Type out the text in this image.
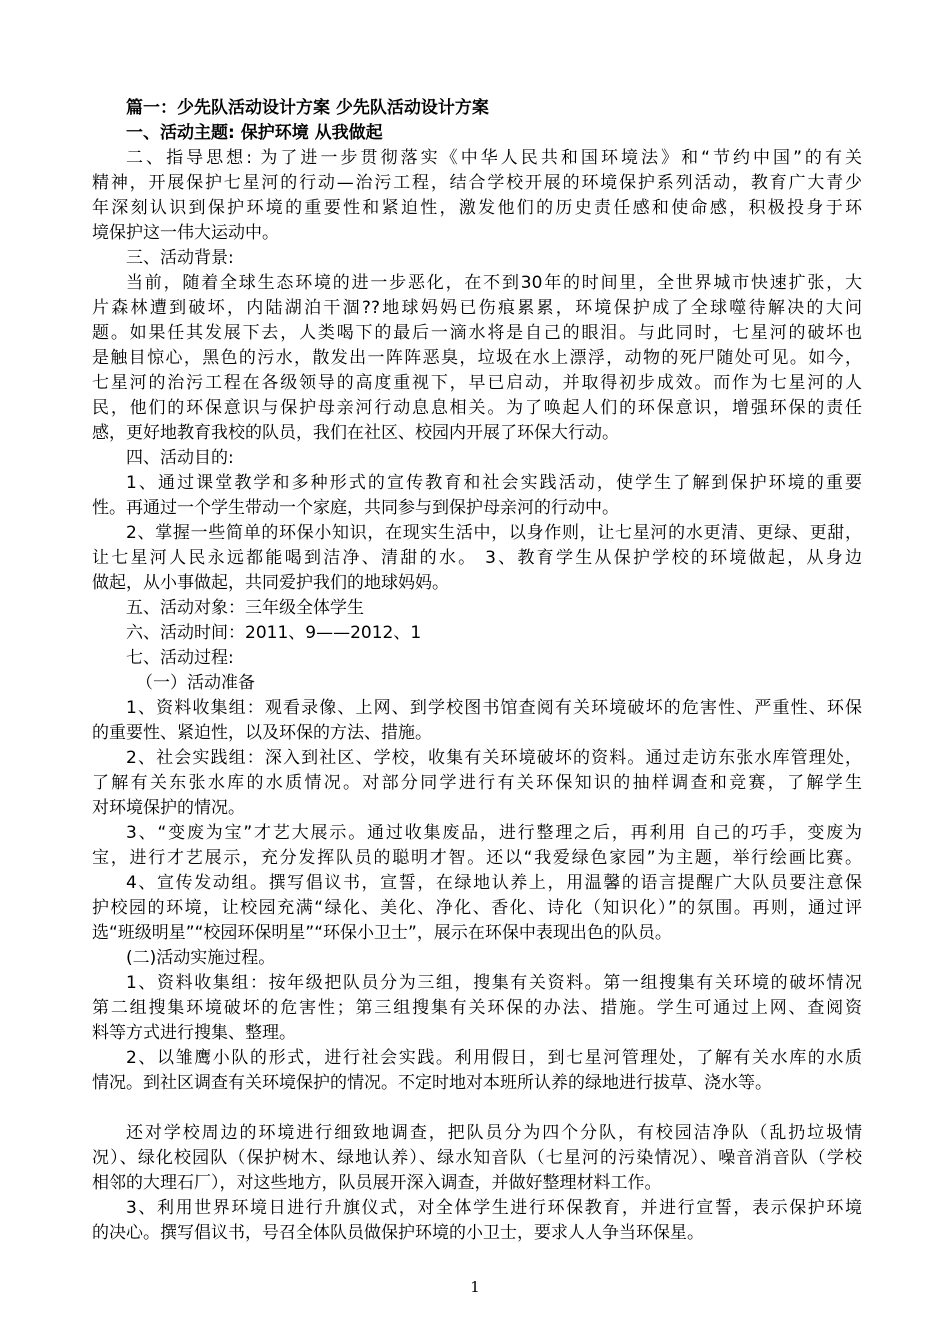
篇一：少先队活动设计方案 少先队活动设计方案

一、活动主题: 保护环境 从我做起

二、指导思想: 为了进一步贯彻落实《中华人民共和国环境法》和“节约中国”的有关

精神，开展保护七星河的行动—治污工程，结合学校开展的环境保护系列活动，教育广大青少

年深刻认识到保护环境的重要性和紧迫性，激发他们的历史责任感和使命感，积极投身于环

境保护这一伟大运动中。

三、活动背景:

当前，随着全球生态环境的进一步恶化，在不到30年的时间里，全世界城市快速扩张，大

片森林遭到破坏，内陆湖泊干涸??地球妈妈已伤痕累累，环境保护成了全球噬待解决的大问

题。如果任其发展下去，人类喝下的最后一滴水将是自己的眼泪。与此同时，七星河的破坏也

是触目惊心，黑色的污水，散发出一阵阵恶臭，垃圾在水上漂浮，动物的死尸随处可见。如今，

七星河的治污工程在各级领导的高度重视下，早已启动，并取得初步成效。而作为七星河的人

民，他们的环保意识与保护母亲河行动息息相关。为了唤起人们的环保意识，增强环保的责任

感，更好地教育我校的队员，我们在社区、校园内开展了环保大行动。

四、活动目的:

1、通过课堂教学和多种形式的宣传教育和社会实践活动，使学生了解到保护环境的重要

性。再通过一个学生带动一个家庭，共同参与到保护母亲河的行动中。

2、掌握一些简单的环保小知识，在现实生活中，以身作则，让七星河的水更清、更绿、更甜，

让七星河人民永远都能喝到洁净、清甜的水。 3、教育学生从保护学校的环境做起，从身边

做起，从小事做起，共同爱护我们的地球妈妈。

五、活动对象：三年级全体学生

六、活动时间：2011、9——2012、1

七、活动过程:

（一）活动准备

1、资料收集组：观看录像、上网、到学校图书馆查阅有关环境破坏的危害性、严重性、环保

的重要性、紧迫性，以及环保的方法、措施。

2、社会实践组：深入到社区、学校，收集有关环境破坏的资料。通过走访东张水库管理处，

了解有关东张水库的水质情况。对部分同学进行有关环保知识的抽样调查和竞赛，了解学生

对环境保护的情况。

3、“变废为宝”才艺大展示。通过收集废品，进行整理之后，再利用 自己的巧手，变废为

宝，进行才艺展示，充分发挥队员的聪明才智。还以“我爱绿色家园”为主题，举行绘画比赛。

4、宣传发动组。撰写倡议书，宣誓，在绿地认养上，用温馨的语言提醒广大队员要注意保

护校园的环境，让校园充满“绿化、美化、净化、香化、诗化（知识化）”的氛围。再则，通过评

选“班级明星”“校园环保明星”“环保小卫士”，展示在环保中表现出色的队员。

(二)活动实施过程。

1、资料收集组：按年级把队员分为三组，搜集有关资料。第一组搜集有关环境的破坏情况

第二组搜集环境破坏的危害性；第三组搜集有关环保的办法、措施。学生可通过上网、查阅资

料等方式进行搜集、整理。

2、以雏鹰小队的形式，进行社会实践。利用假日，到七星河管理处，了解有关水库的水质

情况。到社区调查有关环境保护的情况。不定时地对本班所认养的绿地进行拔草、浇水等。

还对学校周边的环境进行细致地调查，把队员分为四个分队，有校园洁净队（乱扔垃圾情

况）、绿化校园队（保护树木、绿地认养）、绿水知音队（七星河的污染情况）、噪音消音队（学校

相邻的大理石厂），对这些地方，队员展开深入调查，并做好整理材料工作。

3、利用世界环境日进行升旗仪式，对全体学生进行环保教育，并进行宣誓，表示保护环境

的决心。撰写倡议书，号召全体队员做保护环境的小卫士，要求人人争当环保星。

1
